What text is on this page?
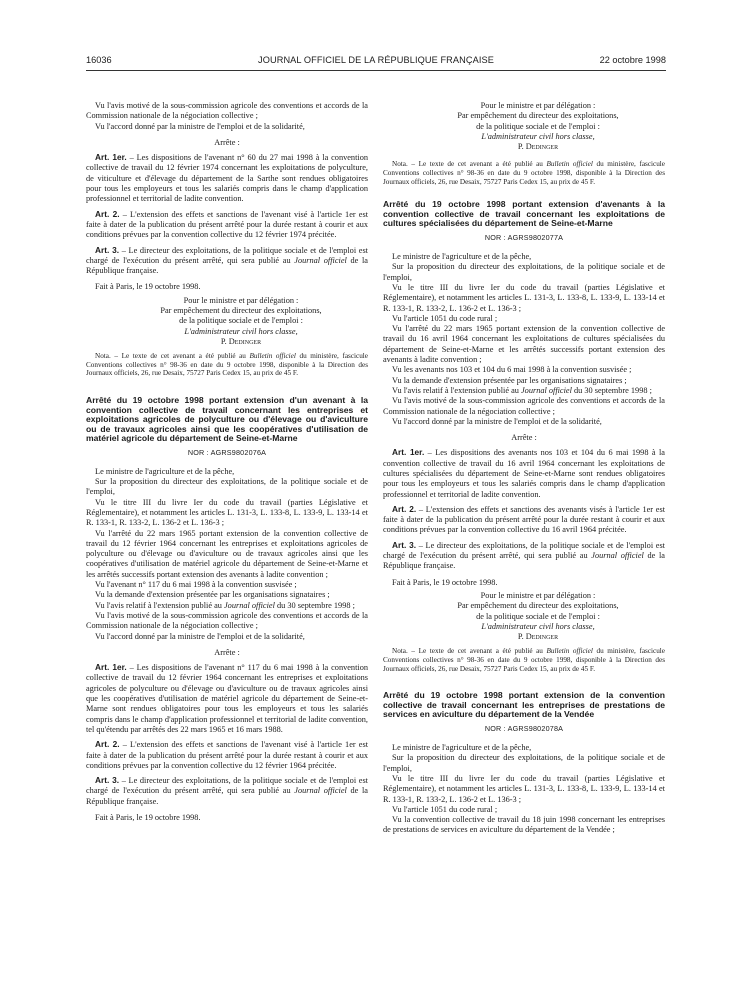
16036	JOURNAL OFFICIEL DE LA RÉPUBLIQUE FRANÇAISE	22 octobre 1998

Vu l'avis motivé de la sous-commission agricole des conventions et accords de la Commission nationale de la négociation collective ;

Vu l'accord donné par la ministre de l'emploi et de la solidarité,

Arrête :

Art. 1er. – Les dispositions de l'avenant n° 60 du 27 mai 1998 à la convention collective de travail du 12 février 1974 concernant les exploitations de polyculture, de viticulture et d'élevage du département de la Sarthe sont rendues obligatoires pour tous les employeurs et tous les salariés compris dans le champ d'application professionnel et territorial de ladite convention.

Art. 2. – L'extension des effets et sanctions de l'avenant visé à l'article 1er est faite à dater de la publication du présent arrêté pour la durée restant à courir et aux conditions prévues par la convention collective du 12 février 1974 précitée.

Art. 3. – Le directeur des exploitations, de la politique sociale et de l'emploi est chargé de l'exécution du présent arrêté, qui sera publié au Journal officiel de la République française.

Fait à Paris, le 19 octobre 1998.

Pour le ministre et par délégation :

Par empêchement du directeur des exploitations,

de la politique sociale et de l'emploi :

L'administrateur civil hors classe,

P. Dedinger

Nota. – Le texte de cet avenant a été publié au Bulletin officiel du ministère, fascicule Conventions collectives n° 98-36 en date du 9 octobre 1998, disponible à la Direction des Journaux officiels, 26, rue Desaix, 75727 Paris Cedex 15, au prix de 45 F.

Arrêté du 19 octobre 1998 portant extension d'un avenant à la convention collective de travail concernant les entreprises et exploitations agricoles de polyculture ou d'élevage ou d'aviculture ou de travaux agricoles ainsi que les coopératives d'utilisation de matériel agricole du département de Seine-et-Marne

NOR : AGRS9802076A

Le ministre de l'agriculture et de la pêche,

Sur la proposition du directeur des exploitations, de la politique sociale et de l'emploi,

Vu le titre III du livre Ier du code du travail (parties Législative et Réglementaire), et notamment les articles L. 131-3, L. 133-8, L. 133-9, L. 133-14 et R. 133-1, R. 133-2, L. 136-2 et L. 136-3 ;

Vu l'arrêté du 22 mars 1965 portant extension de la convention collective de travail du 12 février 1964 concernant les entreprises et exploitations agricoles de polyculture ou d'élevage ou d'aviculture ou de travaux agricoles ainsi que les coopératives d'utilisation de matériel agricole du département de Seine-et-Marne et les arrêtés successifs portant extension des avenants à ladite convention ;

Vu l'avenant n° 117 du 6 mai 1998 à la convention susvisée ;

Vu la demande d'extension présentée par les organisations signataires ;

Vu l'avis relatif à l'extension publié au Journal officiel du 30 septembre 1998 ;

Vu l'avis motivé de la sous-commission agricole des conventions et accords de la Commission nationale de la négociation collective ;

Vu l'accord donné par la ministre de l'emploi et de la solidarité,

Arrête :

Art. 1er. – Les dispositions de l'avenant n° 117 du 6 mai 1998 à la convention collective de travail du 12 février 1964 concernant les entreprises et exploitations agricoles de polyculture ou d'élevage ou d'aviculture ou de travaux agricoles ainsi que les coopératives d'utilisation de matériel agricole du département de Seine-et-Marne sont rendues obligatoires pour tous les employeurs et tous les salariés compris dans le champ d'application professionnel et territorial de ladite convention, tel qu'étendu par arrêtés des 22 mars 1965 et 16 mars 1988.

Art. 2. – L'extension des effets et sanctions de l'avenant visé à l'article 1er est faite à dater de la publication du présent arrêté pour la durée restant à courir et aux conditions prévues par la convention collective du 12 février 1964 précitée.

Art. 3. – Le directeur des exploitations, de la politique sociale et de l'emploi est chargé de l'exécution du présent arrêté, qui sera publié au Journal officiel de la République française.

Fait à Paris, le 19 octobre 1998.

Pour le ministre et par délégation :

Par empêchement du directeur des exploitations,

de la politique sociale et de l'emploi :

L'administrateur civil hors classe,

P. Dedinger

Nota. – Le texte de cet avenant a été publié au Bulletin officiel du ministère, fascicule Conventions collectives n° 98-36 en date du 9 octobre 1998, disponible à la Direction des Journaux officiels, 26, rue Desaix, 75727 Paris Cedex 15, au prix de 45 F.

Arrêté du 19 octobre 1998 portant extension d'avenants à la convention collective de travail concernant les exploitations de cultures spécialisées du département de Seine-et-Marne

NOR : AGRS9802077A

Le ministre de l'agriculture et de la pêche,

Sur la proposition du directeur des exploitations, de la politique sociale et de l'emploi,

Vu le titre III du livre Ier du code du travail (parties Législative et Réglementaire), et notamment les articles L. 131-3, L. 133-8, L. 133-9, L. 133-14 et R. 133-1, R. 133-2, L. 136-2 et L. 136-3 ;

Vu l'article 1051 du code rural ;

Vu l'arrêté du 22 mars 1965 portant extension de la convention collective de travail du 16 avril 1964 concernant les exploitations de cultures spécialisées du département de Seine-et-Marne et les arrêtés successifs portant extension des avenants à ladite convention ;

Vu les avenants nos 103 et 104 du 6 mai 1998 à la convention susvisée ;

Vu la demande d'extension présentée par les organisations signataires ;

Vu l'avis relatif à l'extension publié au Journal officiel du 30 septembre 1998 ;

Vu l'avis motivé de la sous-commission agricole des conventions et accords de la Commission nationale de la négociation collective ;

Vu l'accord donné par la ministre de l'emploi et de la solidarité,

Arrête :

Art. 1er. – Les dispositions des avenants nos 103 et 104 du 6 mai 1998 à la convention collective de travail du 16 avril 1964 concernant les exploitations de cultures spécialisées du département de Seine-et-Marne sont rendues obligatoires pour tous les employeurs et tous les salariés compris dans le champ d'application professionnel et territorial de ladite convention.

Art. 2. – L'extension des effets et sanctions des avenants visés à l'article 1er est faite à dater de la publication du présent arrêté pour la durée restant à courir et aux conditions prévues par la convention collective du 16 avril 1964 précitée.

Art. 3. – Le directeur des exploitations, de la politique sociale et de l'emploi est chargé de l'exécution du présent arrêté, qui sera publié au Journal officiel de la République française.

Fait à Paris, le 19 octobre 1998.

Pour le ministre et par délégation :

Par empêchement du directeur des exploitations,

de la politique sociale et de l'emploi :

L'administrateur civil hors classe,

P. Dedinger

Nota. – Le texte de cet avenant a été publié au Bulletin officiel du ministère, fascicule Conventions collectives n° 98-36 en date du 9 octobre 1998, disponible à la Direction des Journaux officiels, 26, rue Desaix, 75727 Paris Cedex 15, au prix de 45 F.

Arrêté du 19 octobre 1998 portant extension de la convention collective de travail concernant les entreprises de prestations de services en aviculture du département de la Vendée

NOR : AGRS9802078A

Le ministre de l'agriculture et de la pêche,

Sur la proposition du directeur des exploitations, de la politique sociale et de l'emploi,

Vu le titre III du livre Ier du code du travail (parties Législative et Réglementaire), et notamment les articles L. 131-3, L. 133-8, L. 133-9, L. 133-14 et R. 133-1, R. 133-2, L. 136-2 et L. 136-3 ;

Vu l'article 1051 du code rural ;

Vu la convention collective de travail du 18 juin 1998 concernant les entreprises de prestations de services en aviculture du département de la Vendée ;
